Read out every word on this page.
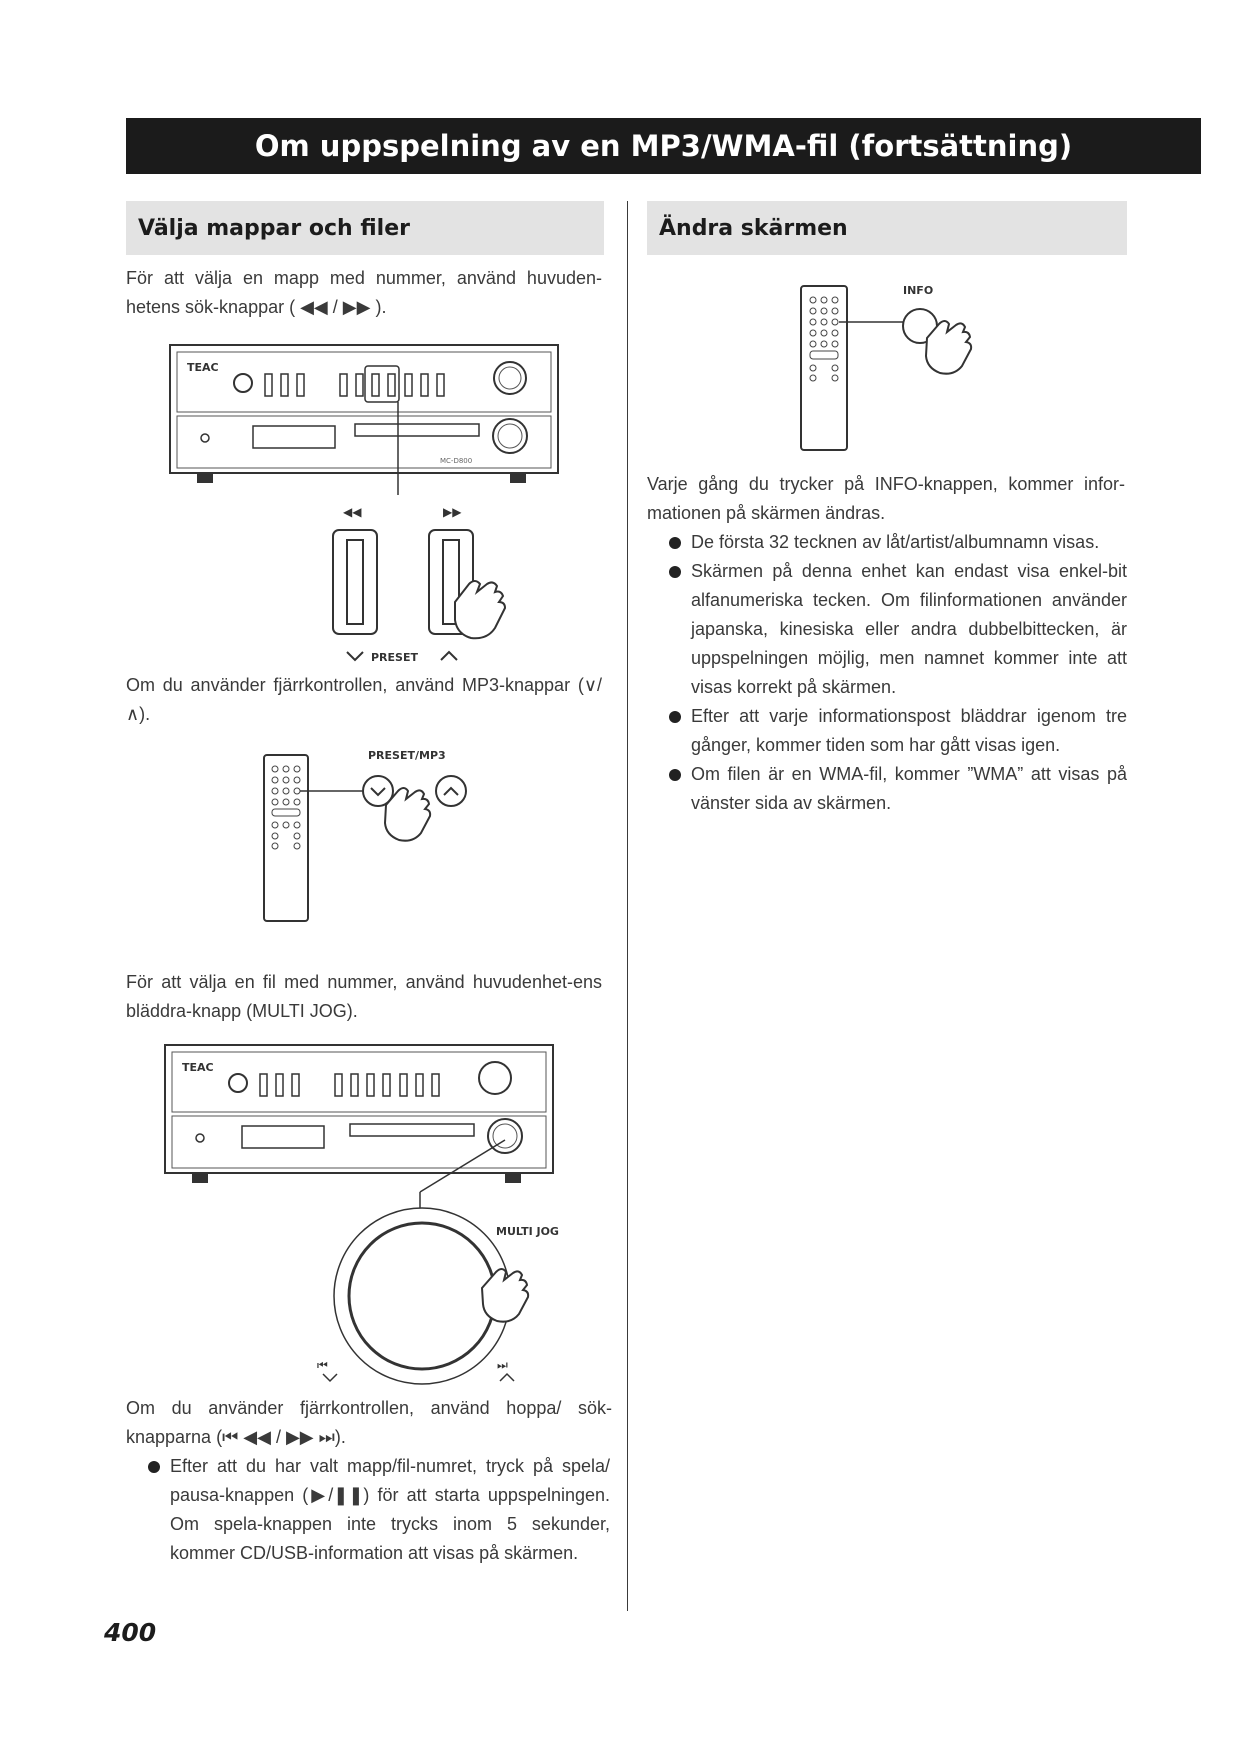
Om uppspelning av en MP3/WMA-fil (fortsättning)
Välja mappar och filer	Ändra skärmen

För att välja en mapp med nummer, använd huvuden-hetens sök-knappar ( ◀◀ / ▶▶ ).

TEAC
MC-D800
◀◀	▶▶
PRESET

Om du använder fjärrkontrollen, använd MP3-knappar (∨/∧).

PRESET/MP3

För att välja en fil med nummer, använd huvudenhet-ens bläddra-knapp (MULTI JOG).

TEAC
MULTI JOG
⏮	⏭

Om du använder fjärrkontrollen, använd hoppa/ sök-knapparna (⏮ ◀◀ / ▶▶ ⏭).

Efter att du har valt mapp/fil-numret, tryck på spela/ pausa-knappen (▶/❚❚) för att starta uppspelningen. Om spela-knappen inte trycks inom 5 sekunder, kommer CD/USB-information att visas på skärmen.
INFO

Varje gång du trycker på INFO-knappen, kommer infor-mationen på skärmen ändras.

De första 32 tecknen av låt/artist/albumnamn visas.
Skärmen på denna enhet kan endast visa enkel-bit alfanumeriska tecken. Om filinformationen använder japanska, kinesiska eller andra dubbelbittecken, är uppspelningen möjlig, men namnet kommer inte att visas korrekt på skärmen.
Efter att varje informationspost bläddrar igenom tre gånger, kommer tiden som har gått visas igen.
Om filen är en WMA-fil, kommer ”WMA” att visas på vänster sida av skärmen.
400
